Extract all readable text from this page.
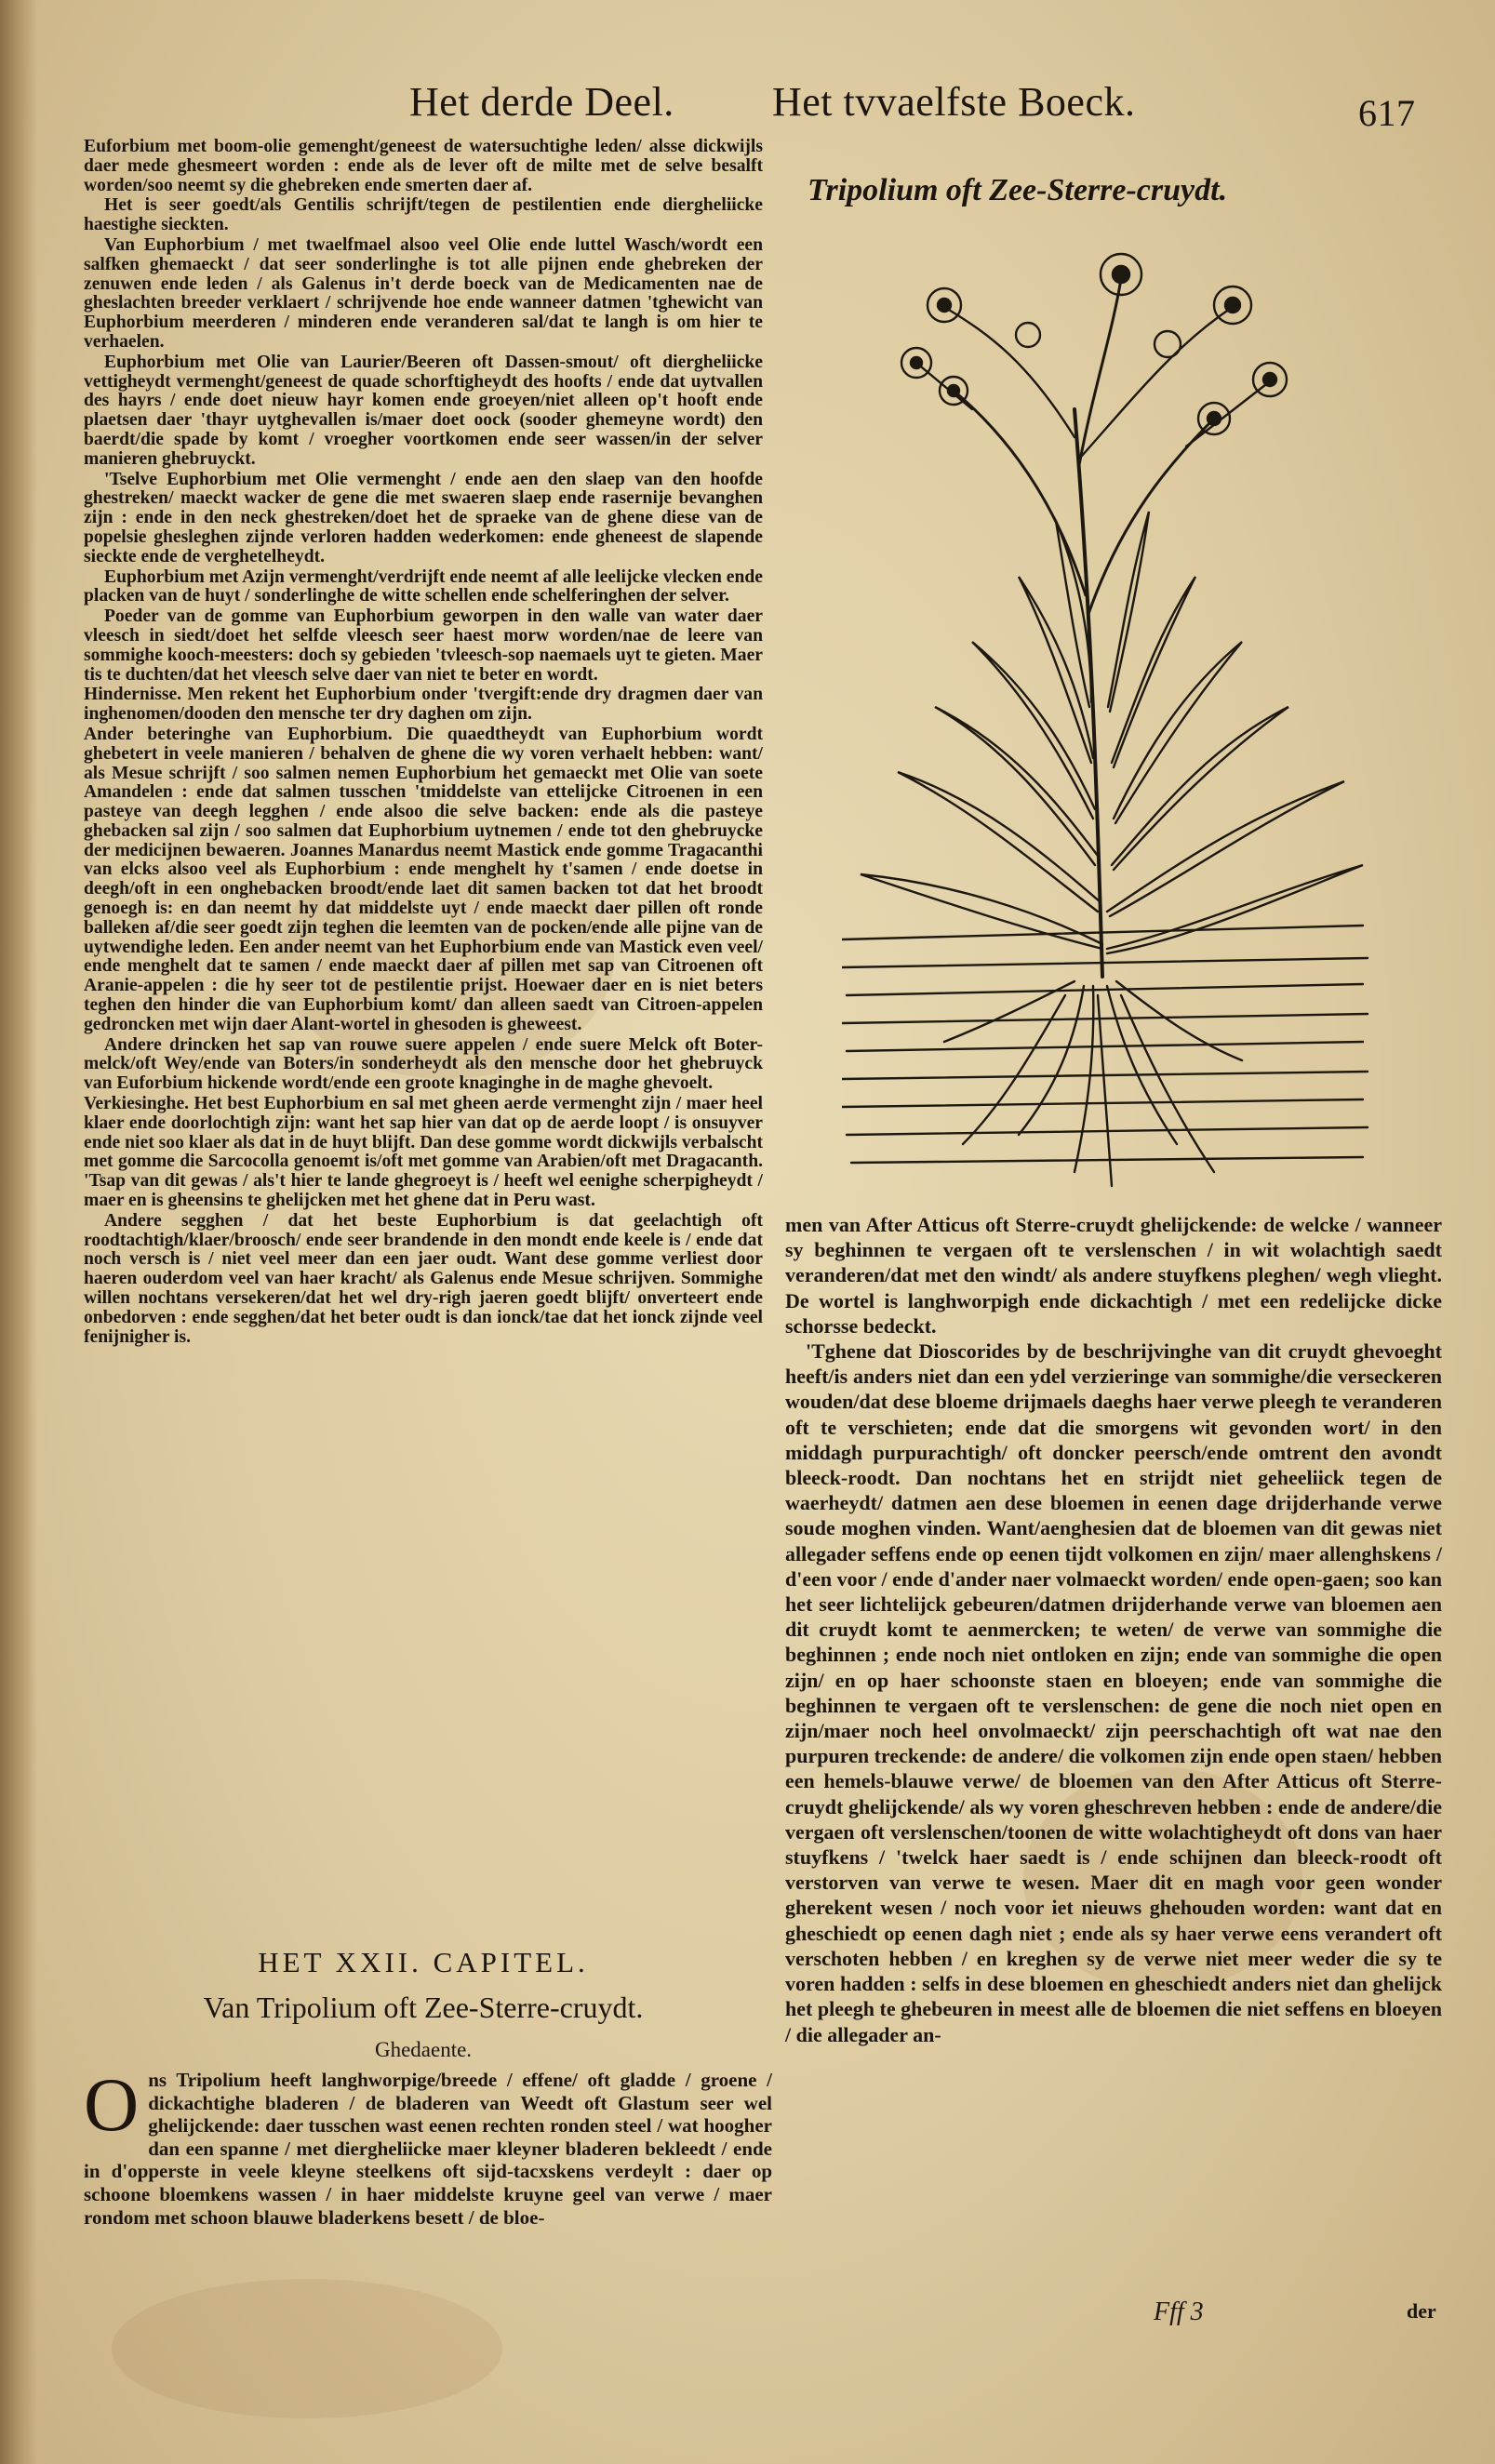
Het derde Deel. Het tvvaelfste Boeck.	617

Euforbium met boom-olie gemenght/geneest de watersuchtighe leden/ alsse dickwijls daer mede ghesmeert worden : ende als de lever oft de milte met de selve besalft worden/soo neemt sy die ghebreken ende smerten daer af.

Het is seer goedt/als Gentilis schrijft/tegen de pestilentien ende diergheliicke haestighe sieckten.

Van Euphorbium / met twaelfmael alsoo veel Olie ende luttel Wasch/wordt een salfken ghemaeckt / dat seer sonderlinghe is tot alle pijnen ende ghebreken der zenuwen ende leden / als Galenus in't derde boeck van de Medicamenten nae de gheslachten breeder verklaert / schrijvende hoe ende wanneer datmen 'tghewicht van Euphorbium meerderen / minderen ende veranderen sal/dat te langh is om hier te verhaelen.

Euphorbium met Olie van Laurier/Beeren oft Dassen-smout/ oft diergheliicke vettigheydt vermenght/geneest de quade schorftigheydt des hoofts / ende dat uytvallen des hayrs / ende doet nieuw hayr komen ende groeyen/niet alleen op't hooft ende plaetsen daer 'thayr uytghevallen is/maer doet oock (sooder ghemeyne wordt) den baerdt/die spade by komt / vroegher voortkomen ende seer wassen/in der selver manieren ghebruyckt.

'Tselve Euphorbium met Olie vermenght / ende aen den slaep van den hoofde ghestreken/ maeckt wacker de gene die met swaeren slaep ende rasernije bevanghen zijn : ende in den neck ghestreken/doet het de spraeke van de ghene diese van de popelsie ghesleghen zijnde verloren hadden wederkomen: ende gheneest de slapende sieckte ende de verghetelheydt.

Euphorbium met Azijn vermenght/verdrijft ende neemt af alle leelijcke vlecken ende placken van de huyt / sonderlinghe de witte schellen ende schelferinghen der selver.

Poeder van de gomme van Euphorbium geworpen in den walle van water daer vleesch in siedt/doet het selfde vleesch seer haest morw worden/nae de leere van sommighe kooch-meesters: doch sy gebieden 'tvleesch-sop naemaels uyt te gieten. Maer tis te duchten/dat het vleesch selve daer van niet te beter en wordt.

Hindernisse. Men rekent het Euphorbium onder 'tvergift:ende dry dragmen daer van inghenomen/dooden den mensche ter dry daghen om zijn.

Ander beteringhe van Euphorbium. Die quaedtheydt van Euphorbium wordt ghebetert in veele manieren / behalven de ghene die wy voren verhaelt hebben: want/ als Mesue schrijft / soo salmen nemen Euphorbium het gemaeckt met Olie van soete Amandelen : ende dat salmen tusschen 'tmiddelste van ettelijcke Citroenen in een pasteye van deegh legghen / ende alsoo die selve backen: ende als die pasteye ghebacken sal zijn / soo salmen dat Euphorbium uytnemen / ende tot den ghebruycke der medicijnen bewaeren. Joannes Manardus neemt Mastick ende gomme Tragacanthi van elcks alsoo veel als Euphorbium : ende menghelt hy t'samen / ende doetse in deegh/oft in een onghebacken broodt/ende laet dit samen backen tot dat het broodt genoegh is: en dan neemt hy dat middelste uyt / ende maeckt daer pillen oft ronde balleken af/die seer goedt zijn teghen die leemten van de pocken/ende alle pijne van de uytwendighe leden. Een ander neemt van het Euphorbium ende van Mastick even veel/ ende menghelt dat te samen / ende maeckt daer af pillen met sap van Citroenen oft Aranie-appelen : die hy seer tot de pestilentie prijst. Hoewaer daer en is niet beters teghen den hinder die van Euphorbium komt/ dan alleen saedt van Citroen-appelen gedroncken met wijn daer Alant-wortel in ghesoden is gheweest.

Andere drincken het sap van rouwe suere appelen / ende suere Melck oft Boter-melck/oft Wey/ende van Boters/in sonderheydt als den mensche door het ghebruyck van Euforbium hickende wordt/ende een groote knaginghe in de maghe ghevoelt.

Verkiesinghe. Het best Euphorbium en sal met gheen aerde vermenght zijn / maer heel klaer ende doorlochtigh zijn: want het sap hier van dat op de aerde loopt / is onsuyver ende niet soo klaer als dat in de huyt blijft. Dan dese gomme wordt dickwijls verbalscht met gomme die Sarcocolla genoemt is/oft met gomme van Arabien/oft met Dragacanth. 'Tsap van dit gewas / als't hier te lande ghegroeyt is / heeft wel eenighe scherpigheydt / maer en is gheensins te ghelijcken met het ghene dat in Peru wast.

Andere segghen / dat het beste Euphorbium is dat geelachtigh oft roodtachtigh/klaer/broosch/ ende seer brandende in den mondt ende keele is / ende dat noch versch is / niet veel meer dan een jaer oudt. Want dese gomme verliest door haeren ouderdom veel van haer kracht/ als Galenus ende Mesue schrijven. Sommighe willen nochtans versekeren/dat het wel dry-righ jaeren goedt blijft/ onverteert ende onbedorven : ende segghen/dat het beter oudt is dan ionck/tae dat het ionck zijnde veel fenijnigher is.

HET XXII. CAPITEL.
Van Tripolium oft Zee-Sterre-cruydt.
Ghedaente.
O ns Tripolium heeft langhworpige/breede / effene/ oft gladde / groene / dickachtighe bladeren / de bladeren van Weedt oft Glastum seer wel ghelijckende: daer tusschen wast eenen rechten ronden steel / wat hoogher dan een spanne / met diergheliicke maer kleyner bladeren bekleedt / ende in d'opperste in veele kleyne steelkens oft sijd-tacxskens verdeylt : daer op schoone bloemkens wassen / in haer middelste kruyne geel van verwe / maer rondom met schoon blauwe bladerkens besett / de bloe-
Tripolium oft Zee-Sterre-cruydt.

men van After Atticus oft Sterre-cruydt ghelijckende: de welcke / wanneer sy beghinnen te vergaen oft te verslenschen / in wit wolachtigh saedt veranderen/dat met den windt/ als andere stuyfkens pleghen/ wegh vlieght. De wortel is langhworpigh ende dickachtigh / met een redelijcke dicke schorsse bedeckt.

'Tghene dat Dioscorides by de beschrijvinghe van dit cruydt ghevoeght heeft/is anders niet dan een ydel verzieringe van sommighe/die verseckeren wouden/dat dese bloeme drijmaels daeghs haer verwe pleegh te veranderen oft te verschieten; ende dat die smorgens wit gevonden wort/ in den middagh purpurachtigh/ oft doncker peersch/ende omtrent den avondt bleeck-roodt. Dan nochtans het en strijdt niet geheeliick tegen de waerheydt/ datmen aen dese bloemen in eenen dage drijderhande verwe soude moghen vinden. Want/aenghesien dat de bloemen van dit gewas niet allegader seffens ende op eenen tijdt volkomen en zijn/ maer allenghskens / d'een voor / ende d'ander naer volmaeckt worden/ ende open-gaen; soo kan het seer lichtelijck gebeuren/datmen drijderhande verwe van bloemen aen dit cruydt komt te aenmercken; te weten/ de verwe van sommighe die beghinnen ; ende noch niet ontloken en zijn; ende van sommighe die open zijn/ en op haer schoonste staen en bloeyen; ende van sommighe die beghinnen te vergaen oft te verslenschen: de gene die noch niet open en zijn/maer noch heel onvolmaeckt/ zijn peerschachtigh oft wat nae den purpuren treckende: de andere/ die volkomen zijn ende open staen/ hebben een hemels-blauwe verwe/ de bloemen van den After Atticus oft Sterre-cruydt ghelijckende/ als wy voren gheschreven hebben : ende de andere/die vergaen oft verslenschen/toonen de witte wolachtigheydt oft dons van haer stuyfkens / 'twelck haer saedt is / ende schijnen dan bleeck-roodt oft verstorven van verwe te wesen. Maer dit en magh voor geen wonder gherekent wesen / noch voor iet nieuws ghehouden worden: want dat en gheschiedt op eenen dagh niet ; ende als sy haer verwe eens verandert oft verschoten hebben / en kreghen sy de verwe niet meer weder die sy te voren hadden : selfs in dese bloemen en gheschiedt anders niet dan ghelijck het pleegh te ghebeuren in meest alle de bloemen die niet seffens en bloeyen / die allegader an-

Fff 3	der
